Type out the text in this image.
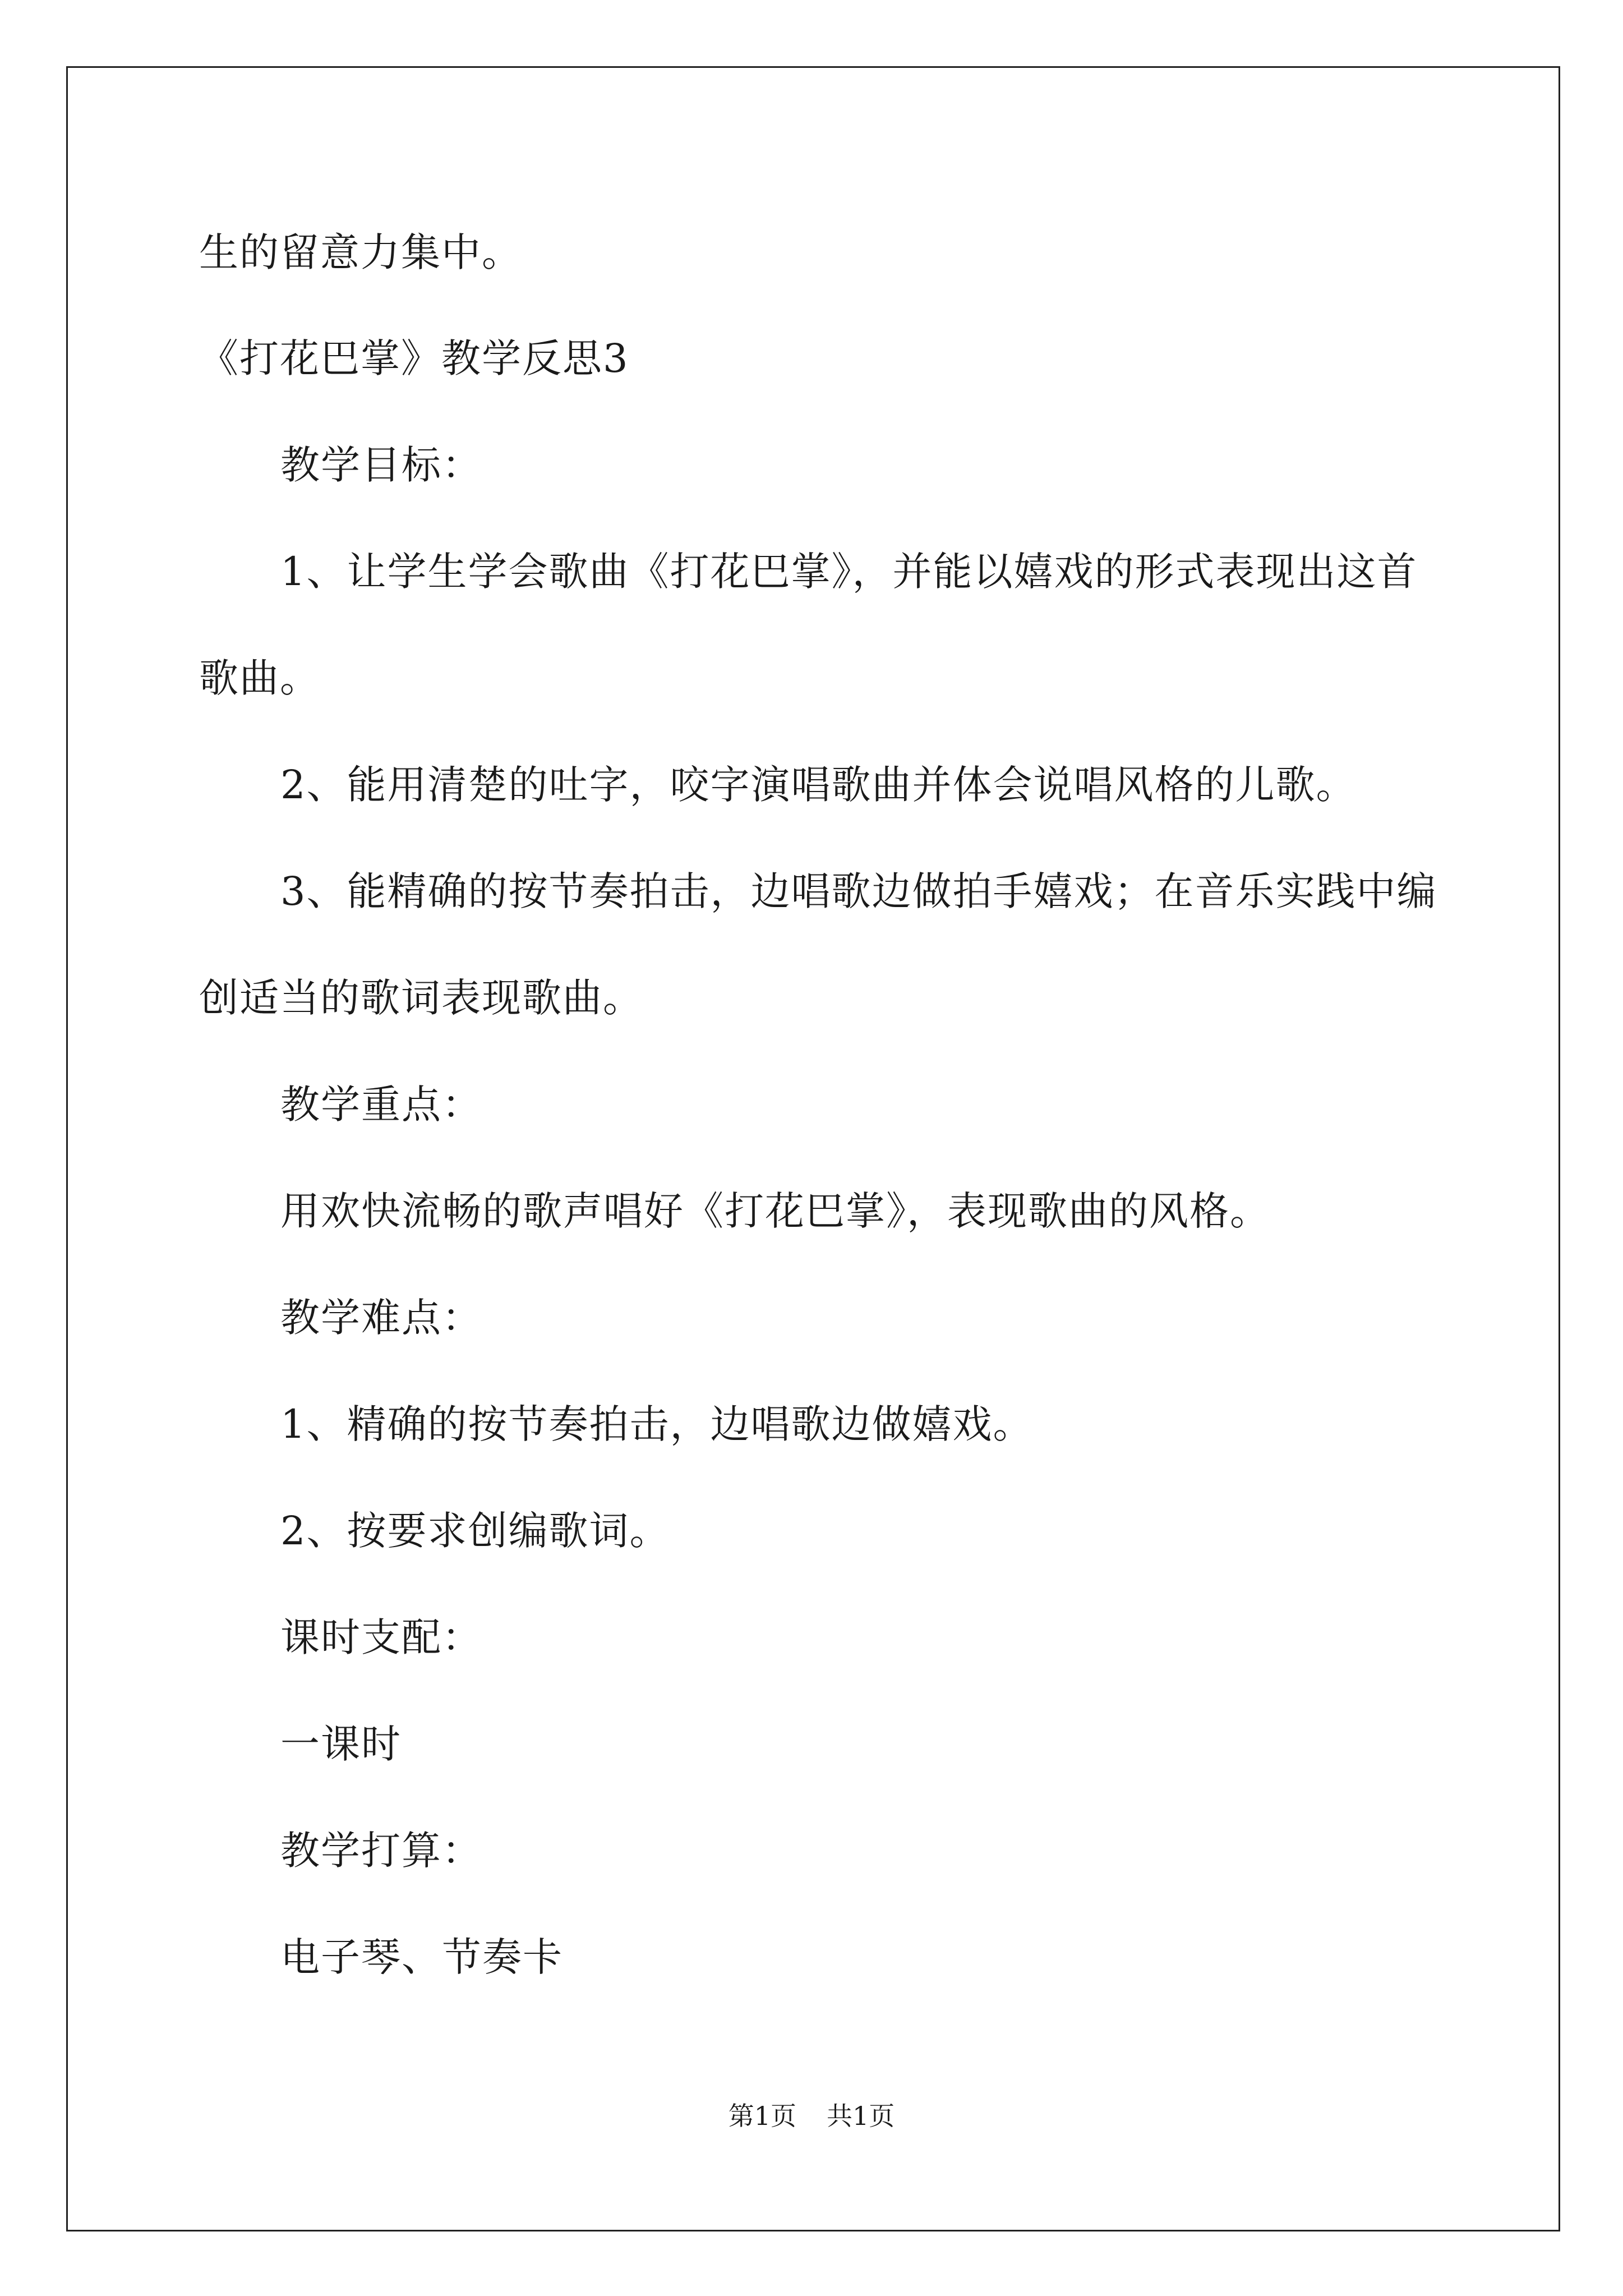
生的留意力集中。
《打花巴掌》教学反思3
教学目标：
1、让学生学会歌曲《打花巴掌》，并能以嬉戏的形式表现出这首
歌曲。
2、能用清楚的吐字，咬字演唱歌曲并体会说唱风格的儿歌。
3、能精确的按节奏拍击，边唱歌边做拍手嬉戏；在音乐实践中编
创适当的歌词表现歌曲。
教学重点：
用欢快流畅的歌声唱好《打花巴掌》，表现歌曲的风格。
教学难点：
1、精确的按节奏拍击，边唱歌边做嬉戏。
2、按要求创编歌词。
课时支配：
一课时
教学打算：
电子琴、节奏卡
第1页 共1页
